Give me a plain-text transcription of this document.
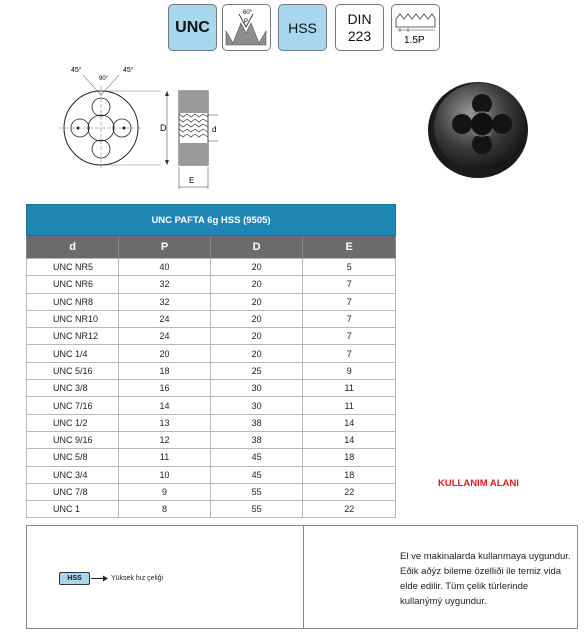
UNC
60°
P	HSS
DIN
223	1.5P
45°	45°
90°
D	d
E
UNC PAFTA 6g HSS (9505)			
d	P	D	E
UNC NR5	40	20	5
UNC NR6	32	20	7
UNC NR8	32	20	7
UNC NR10	24	20	7
UNC NR12	24	20	7
UNC 1/4	20	20	7
UNC 5/16	18	25	9
UNC 3/8	16	30	11
UNC 7/16	14	30	11
UNC 1/2	13	38	14
UNC 9/16	12	38	14
UNC 5/8	11	45	18
UNC 3/4	10	45	18
UNC 7/8	9	55	22
UNC 1	8	55	22
HSS	Yüksek hız çeliği
KULLANIM ALANI
El ve makinalarda kullanmaya uygundur. Eðik aðýz bileme özelliði ile temiz vida elde edilir. Tüm çelik türlerinde kullanýmý uygundur.
